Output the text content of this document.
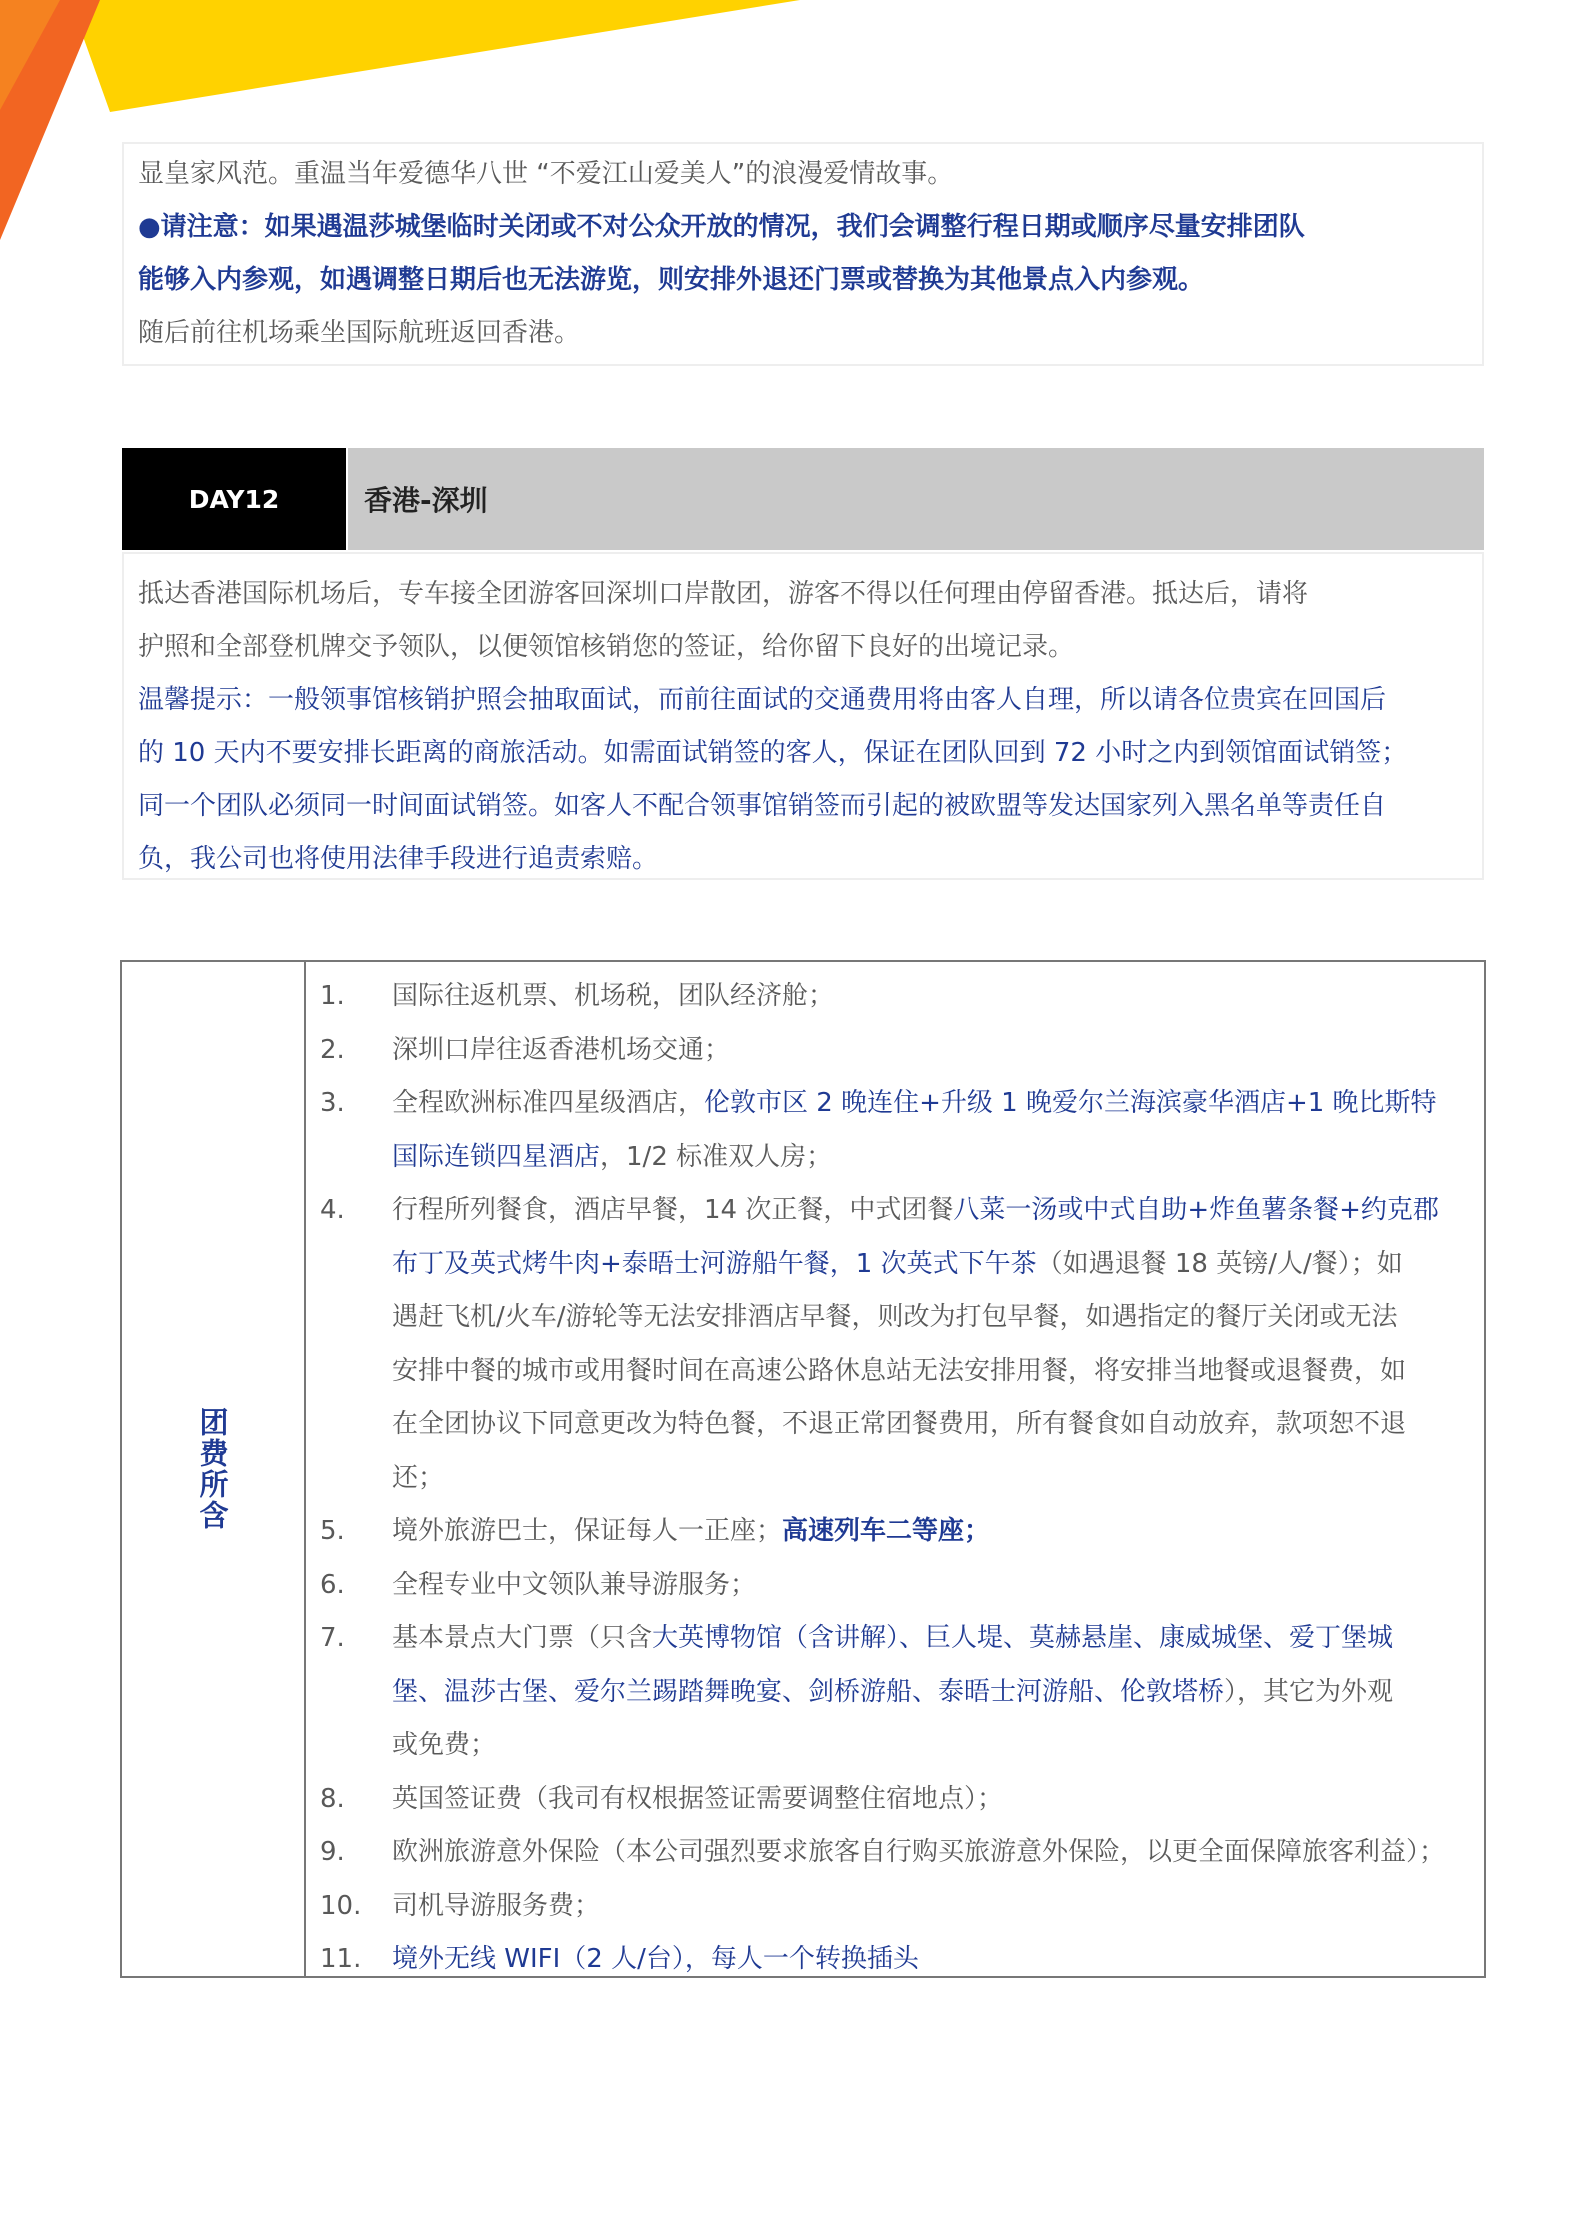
显皇家风范。重温当年爱德华八世 “不爱江山爱美人”的浪漫爱情故事。

●请注意：如果遇温莎城堡临时关闭或不对公众开放的情况，我们会调整行程日期或顺序尽量安排团队

能够入内参观，如遇调整日期后也无法游览，则安排外退还门票或替换为其他景点入内参观。

随后前往机场乘坐国际航班返回香港。

DAY12	香港-深圳

抵达香港国际机场后，专车接全团游客回深圳口岸散团，游客不得以任何理由停留香港。抵达后，请将

护照和全部登机牌交予领队，以便领馆核销您的签证，给你留下良好的出境记录。

温馨提示：一般领事馆核销护照会抽取面试，而前往面试的交通费用将由客人自理，所以请各位贵宾在回国后

的 10 天内不要安排长距离的商旅活动。如需面试销签的客人，保证在团队回到 72 小时之内到领馆面试销签；

同一个团队必须同一时间面试销签。如客人不配合领事馆销签而引起的被欧盟等发达国家列入黑名单等责任自

负，我公司也将使用法律手段进行追责索赔。

团费所含
1.	国际往返机票、机场税，团队经济舱；
2.	深圳口岸往返香港机场交通；
3.	全程欧洲标准四星级酒店，伦敦市区 2 晚连住+升级 1 晚爱尔兰海滨豪华酒店+1 晚比斯特
国际连锁四星酒店，1/2 标准双人房；
4.	行程所列餐食，酒店早餐，14 次正餐，中式团餐八菜一汤或中式自助+炸鱼薯条餐+约克郡
布丁及英式烤牛肉+泰晤士河游船午餐，1 次英式下午茶（如遇退餐 18 英镑/人/餐）；如
遇赶飞机/火车/游轮等无法安排酒店早餐，则改为打包早餐，如遇指定的餐厅关闭或无法
安排中餐的城市或用餐时间在高速公路休息站无法安排用餐，将安排当地餐或退餐费，如
在全团协议下同意更改为特色餐，不退正常团餐费用，所有餐食如自动放弃，款项恕不退
还；
5.	境外旅游巴士，保证每人一正座；高速列车二等座；
6.	全程专业中文领队兼导游服务；
7.	基本景点大门票（只含大英博物馆（含讲解）、巨人堤、莫赫悬崖、康威城堡、爱丁堡城
堡、温莎古堡、爱尔兰踢踏舞晚宴、剑桥游船、泰晤士河游船、伦敦塔桥），其它为外观
或免费；
8.	英国签证费（我司有权根据签证需要调整住宿地点）；
9.	欧洲旅游意外保险（本公司强烈要求旅客自行购买旅游意外保险，以更全面保障旅客利益）；
10.	司机导游服务费；
11.	境外无线 WIFI（2 人/台），每人一个转换插头
